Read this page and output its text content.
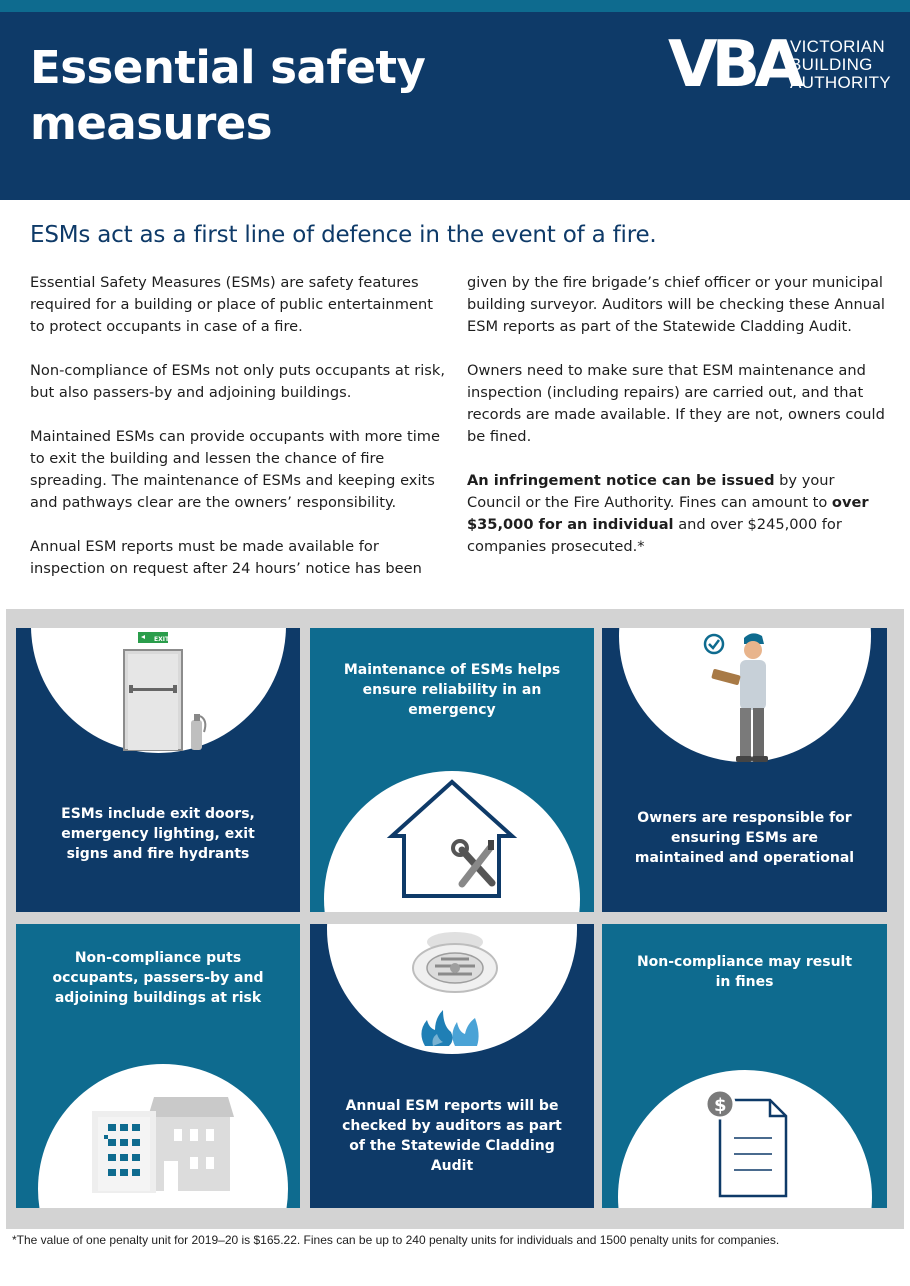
Essential safety
measures
VBA
VICTORIAN
BUILDING
AUTHORITY
ESMs act as a first line of defence in the event of a fire.

Essential Safety Measures (ESMs) are safety features required for a building or place of public entertainment to protect occupants in case of a fire.

Non-compliance of ESMs not only puts occupants at risk, but also passers-by and adjoining buildings.

Maintained ESMs can provide occupants with more time to exit the building and lessen the chance of fire spreading. The maintenance of ESMs and keeping exits and pathways clear are the owners’ responsibility.

Annual ESM reports must be made available for inspection on request after 24 hours’ notice has been

given by the fire brigade’s chief officer or your municipal building surveyor. Auditors will be checking these Annual ESM reports as part of the Statewide Cladding Audit.

Owners need to make sure that ESM maintenance and inspection (including repairs) are carried out, and that records are made available. If they are not, owners could be fined.

An infringement notice can be issued by your Council or the Fire Authority. Fines can amount to over $35,000 for an individual and over $245,000 for companies prosecuted.*

EXIT
ESMs include exit doors, emergency lighting, exit signs and fire hydrants
Maintenance of ESMs helps ensure reliability in an emergency
Owners are responsible for ensuring ESMs are maintained and operational
Non-compliance puts occupants, passers-by and adjoining buildings at risk
Annual ESM reports will be checked by auditors as part of the Statewide Cladding Audit
Non-compliance may result in fines
$
*The value of one penalty unit for 2019–20 is $165.22. Fines can be up to 240 penalty units for individuals and 1500 penalty units for companies.
